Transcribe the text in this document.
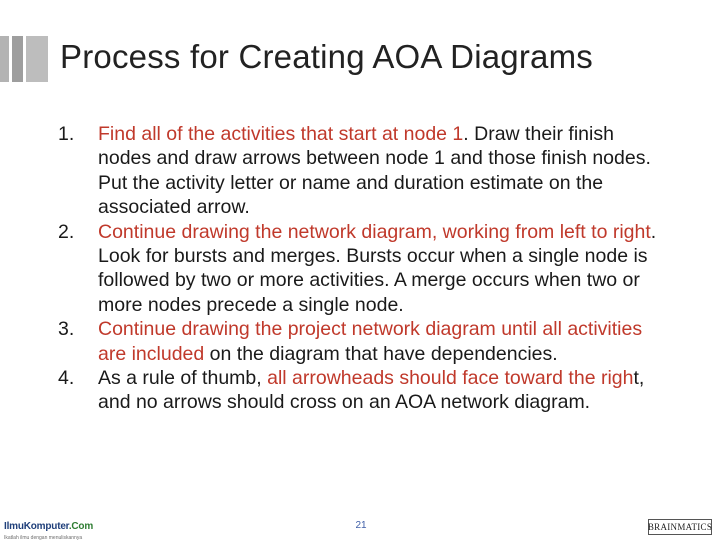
Process for Creating AOA Diagrams
1. Find all of the activities that start at node 1. Draw their finish nodes and draw arrows between node 1 and those finish nodes. Put the activity letter or name and duration estimate on the associated arrow.
2. Continue drawing the network diagram, working from left to right. Look for bursts and merges. Bursts occur when a single node is followed by two or more activities. A merge occurs when two or more nodes precede a single node.
3. Continue drawing the project network diagram until all activities are included on the diagram that have dependencies.
4. As a rule of thumb, all arrowheads should face toward the right, and no arrows should cross on an AOA network diagram.
IlmuKomputer.Com
Ikatlah ilmu dengan menuliskannya
21	BRAINMATICS
